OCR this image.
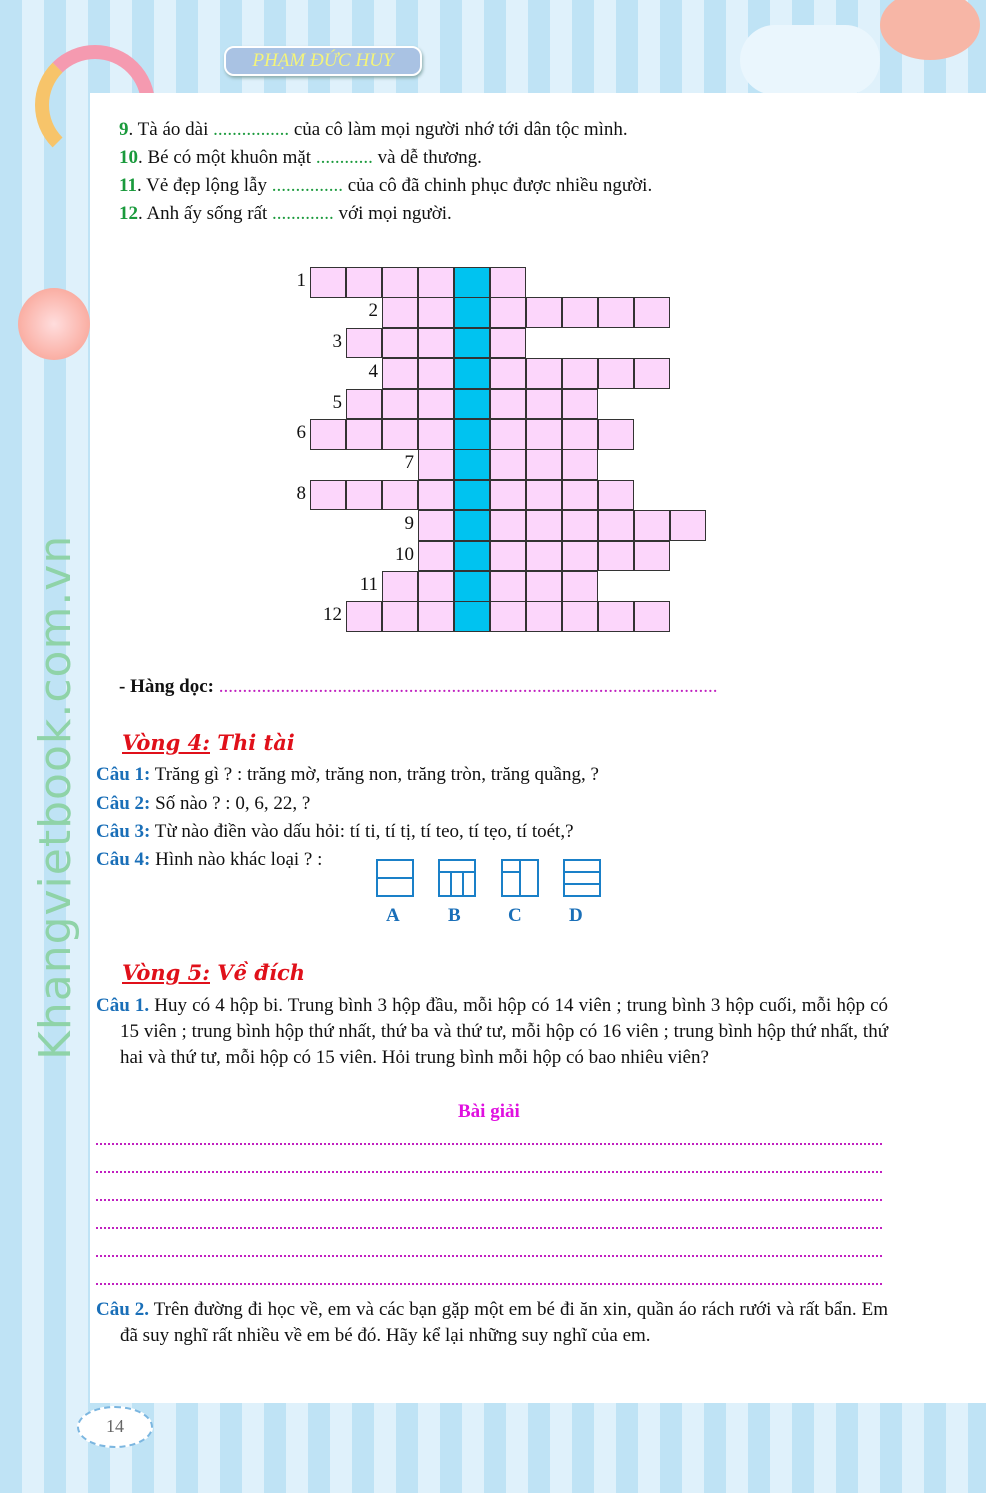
PHẠM ĐỨC HUY
Khangvietbook.com.vn
14
9. Tà áo dài ................ của cô làm mọi người nhớ tới dân tộc mình.
10. Bé có một khuôn mặt ............ và dễ thương.
11. Vẻ đẹp lộng lẫy ............... của cô đã chinh phục được nhiều người.
12. Anh ấy sống rất ............. với mọi người.
1
2
3
4
5
6
7
8
9
10
11
12
- Hàng dọc: .........................................................................................................
Vòng 4: Thi tài
Câu 1: Trăng gì ? : trăng mờ, trăng non, trăng tròn, trăng quầng, ?
Câu 2: Số nào ? : 0, 6, 22, ?
Câu 3: Từ nào điền vào dấu hỏi: tí ti, tí tị, tí teo, tí tẹo, tí toét,?
Câu 4: Hình nào khác loại ? :
A	B C D
Vòng 5: Về đích
Câu 1. Huy có 4 hộp bi. Trung bình 3 hộp đầu, mỗi hộp có 14 viên ; trung bình 3 hộp cuối, mỗi hộp có 15 viên ; trung bình hộp thứ nhất, thứ ba và thứ tư, mỗi hộp có 16 viên ; trung bình hộp thứ nhất, thứ hai và thứ tư, mỗi hộp có 15 viên. Hỏi trung bình mỗi hộp có bao nhiêu viên?
Bài giải
Câu 2. Trên đường đi học về, em và các bạn gặp một em bé đi ăn xin, quần áo rách rưới và rất bẩn. Em đã suy nghĩ rất nhiều về em bé đó. Hãy kể lại những suy nghĩ của em.
